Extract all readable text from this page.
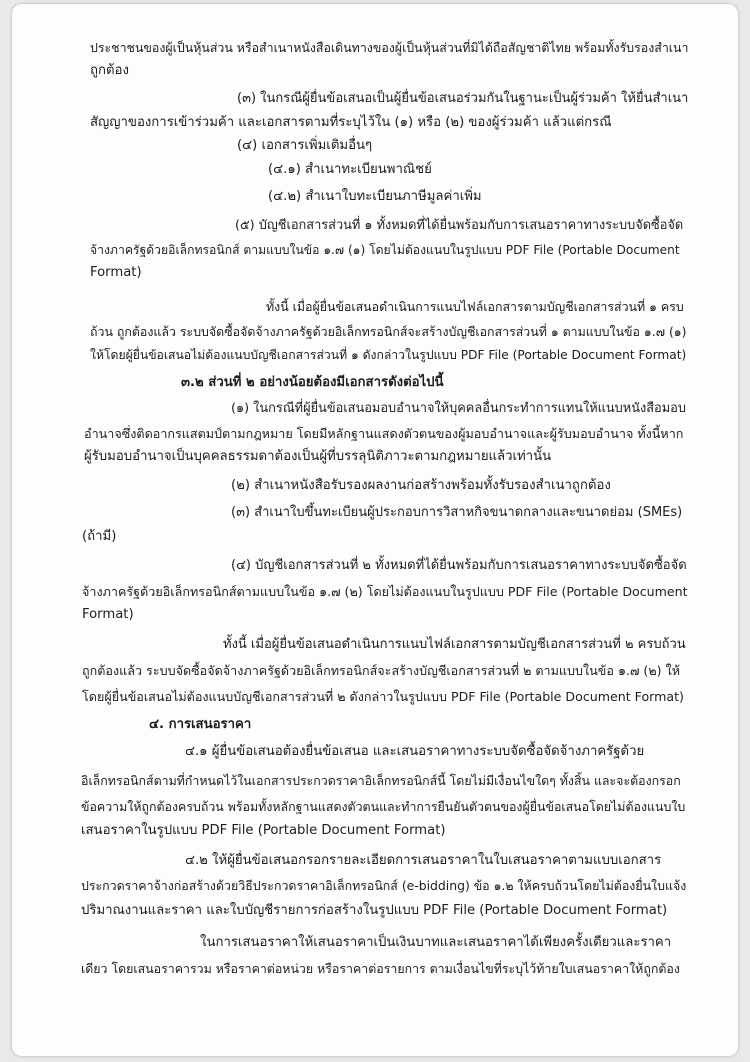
ประชาชนของผู้เป็นหุ้นส่วน หรือสำเนาหนังสือเดินทางของผู้เป็นหุ้นส่วนที่มิได้ถือสัญชาติไทย พร้อมทั้งรับรองสำเนา
ถูกต้อง
(๓) ในกรณีผู้ยื่นข้อเสนอเป็นผู้ยื่นข้อเสนอร่วมกันในฐานะเป็นผู้ร่วมค้า ให้ยื่นสำเนา
สัญญาของการเข้าร่วมค้า และเอกสารตามที่ระบุไว้ใน (๑) หรือ (๒) ของผู้ร่วมค้า แล้วแต่กรณี
(๔) เอกสารเพิ่มเติมอื่นๆ
(๔.๑) สำเนาทะเบียนพาณิชย์
(๔.๒) สำเนาใบทะเบียนภาษีมูลค่าเพิ่ม
(๕) บัญชีเอกสารส่วนที่ ๑ ทั้งหมดที่ได้ยื่นพร้อมกับการเสนอราคาทางระบบจัดซื้อจัด
จ้างภาครัฐด้วยอิเล็กทรอนิกส์ ตามแบบในข้อ ๑.๗ (๑) โดยไม่ต้องแนบในรูปแบบ PDF File (Portable Document
Format)
ทั้งนี้ เมื่อผู้ยื่นข้อเสนอดำเนินการแนบไฟล์เอกสารตามบัญชีเอกสารส่วนที่ ๑ ครบ
ถ้วน ถูกต้องแล้ว ระบบจัดซื้อจัดจ้างภาครัฐด้วยอิเล็กทรอนิกส์จะสร้างบัญชีเอกสารส่วนที่ ๑ ตามแบบในข้อ ๑.๗ (๑)
ให้โดยผู้ยื่นข้อเสนอไม่ต้องแนบบัญชีเอกสารส่วนที่ ๑ ดังกล่าวในรูปแบบ PDF File (Portable Document Format)
๓.๒ ส่วนที่ ๒ อย่างน้อยต้องมีเอกสารดังต่อไปนี้
(๑) ในกรณีที่ผู้ยื่นข้อเสนอมอบอำนาจให้บุคคลอื่นกระทำการแทนให้แนบหนังสือมอบ
อำนาจซึ่งติดอากรแสตมป์ตามกฎหมาย โดยมีหลักฐานแสดงตัวตนของผู้มอบอำนาจและผู้รับมอบอำนาจ ทั้งนี้หาก
ผู้รับมอบอำนาจเป็นบุคคลธรรมดาต้องเป็นผู้ที่บรรลุนิติภาวะตามกฎหมายแล้วเท่านั้น
(๒) สำเนาหนังสือรับรองผลงานก่อสร้างพร้อมทั้งรับรองสำเนาถูกต้อง
(๓) สำเนาใบขึ้นทะเบียนผู้ประกอบการวิสาหกิจขนาดกลางและขนาดย่อม (SMEs)
(ถ้ามี)
(๔) บัญชีเอกสารส่วนที่ ๒ ทั้งหมดที่ได้ยื่นพร้อมกับการเสนอราคาทางระบบจัดซื้อจัด
จ้างภาครัฐด้วยอิเล็กทรอนิกส์ตามแบบในข้อ ๑.๗ (๒) โดยไม่ต้องแนบในรูปแบบ PDF File (Portable Document
Format)
ทั้งนี้ เมื่อผู้ยื่นข้อเสนอดำเนินการแนบไฟล์เอกสารตามบัญชีเอกสารส่วนที่ ๒ ครบถ้วน
ถูกต้องแล้ว ระบบจัดซื้อจัดจ้างภาครัฐด้วยอิเล็กทรอนิกส์จะสร้างบัญชีเอกสารส่วนที่ ๒ ตามแบบในข้อ ๑.๗ (๒) ให้
โดยผู้ยื่นข้อเสนอไม่ต้องแนบบัญชีเอกสารส่วนที่ ๒ ดังกล่าวในรูปแบบ PDF File (Portable Document Format)
๔. การเสนอราคา
๔.๑ ผู้ยื่นข้อเสนอต้องยื่นข้อเสนอ และเสนอราคาทางระบบจัดซื้อจัดจ้างภาครัฐด้วย
อิเล็กทรอนิกส์ตามที่กำหนดไว้ในเอกสารประกวดราคาอิเล็กทรอนิกส์นี้ โดยไม่มีเงื่อนไขใดๆ ทั้งสิ้น และจะต้องกรอก
ข้อความให้ถูกต้องครบถ้วน พร้อมทั้งหลักฐานแสดงตัวตนและทำการยืนยันตัวตนของผู้ยื่นข้อเสนอโดยไม่ต้องแนบใบ
เสนอราคาในรูปแบบ PDF File (Portable Document Format)
๔.๒ ให้ผู้ยื่นข้อเสนอกรอกรายละเอียดการเสนอราคาในใบเสนอราคาตามแบบเอกสาร
ประกวดราคาจ้างก่อสร้างด้วยวิธีประกวดราคาอิเล็กทรอนิกส์ (e-bidding) ข้อ ๑.๒ ให้ครบถ้วนโดยไม่ต้องยื่นใบแจ้ง
ปริมาณงานและราคา และใบบัญชีรายการก่อสร้างในรูปแบบ PDF File (Portable Document Format)
ในการเสนอราคาให้เสนอราคาเป็นเงินบาทและเสนอราคาได้เพียงครั้งเดียวและราคา
เดียว โดยเสนอราคารวม หรือราคาต่อหน่วย หรือราคาต่อรายการ ตามเงื่อนไขที่ระบุไว้ท้ายใบเสนอราคาให้ถูกต้อง
